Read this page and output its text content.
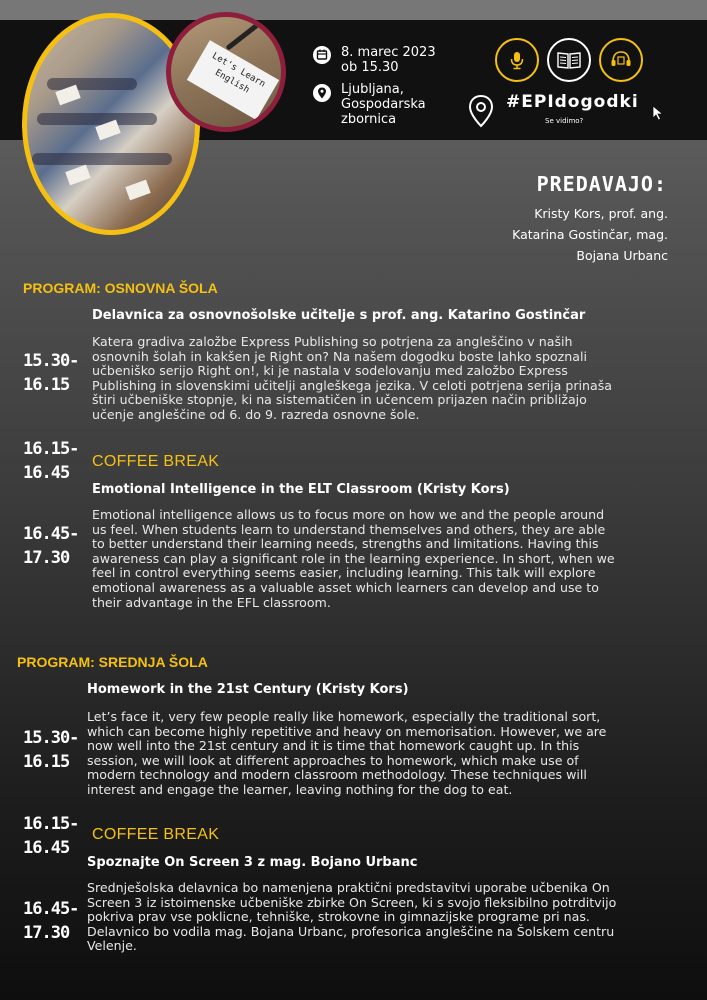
Let's Learn English
8. marec 2023
ob 15.30
Ljubljana,
Gospodarska
zbornica
#EPIdogodki
Se vidimo?
PREDAVAJO:
Kristy Kors, prof. ang.
Katarina Gostinčar, mag.
Bojana Urbanc
PROGRAM: OSNOVNA ŠOLA
Delavnica za osnovnošolske učitelje s prof. ang. Katarino Gostinčar
15.30-
16.15
Katera gradiva založbe Express Publishing so potrjena za angleščino v naših
osnovnih šolah in kakšen je Right on? Na našem dogodku boste lahko spoznali
učbeniško serijo Right on!, ki je nastala v sodelovanju med založbo Express
Publishing in slovenskimi učitelji angleškega jezika. V celoti potrjena serija prinaša
štiri učbeniške stopnje, ki na sistematičen in učencem prijazen način približajo
učenje angleščine od 6. do 9. razreda osnovne šole.
16.15-
16.45
COFFEE BREAK
Emotional Intelligence in the ELT Classroom (Kristy Kors)
16.45-
17.30
Emotional intelligence allows us to focus more on how we and the people around
us feel. When students learn to understand themselves and others, they are able
to better understand their learning needs, strengths and limitations. Having this
awareness can play a significant role in the learning experience. In short, when we
feel in control everything seems easier, including learning. This talk will explore
emotional awareness as a valuable asset which learners can develop and use to
their advantage in the EFL classroom.
PROGRAM: SREDNJA ŠOLA
Homework in the 21st Century (Kristy Kors)
15.30-
16.15
Let’s face it, very few people really like homework, especially the traditional sort,
which can become highly repetitive and heavy on memorisation. However, we are
now well into the 21st century and it is time that homework caught up. In this
session, we will look at different approaches to homework, which make use of
modern technology and modern classroom methodology. These techniques will
interest and engage the learner, leaving nothing for the dog to eat.
16.15-
16.45
COFFEE BREAK
Spoznajte On Screen 3 z mag. Bojano Urbanc
16.45-
17.30
Srednješolska delavnica bo namenjena praktični predstavitvi uporabe učbenika On
Screen 3 iz istoimenske učbeniške zbirke On Screen, ki s svojo fleksibilno potrditvijo
pokriva prav vse poklicne, tehniške, strokovne in gimnazijske programe pri nas.
Delavnico bo vodila mag. Bojana Urbanc, profesorica angleščine na Šolskem centru
Velenje.
